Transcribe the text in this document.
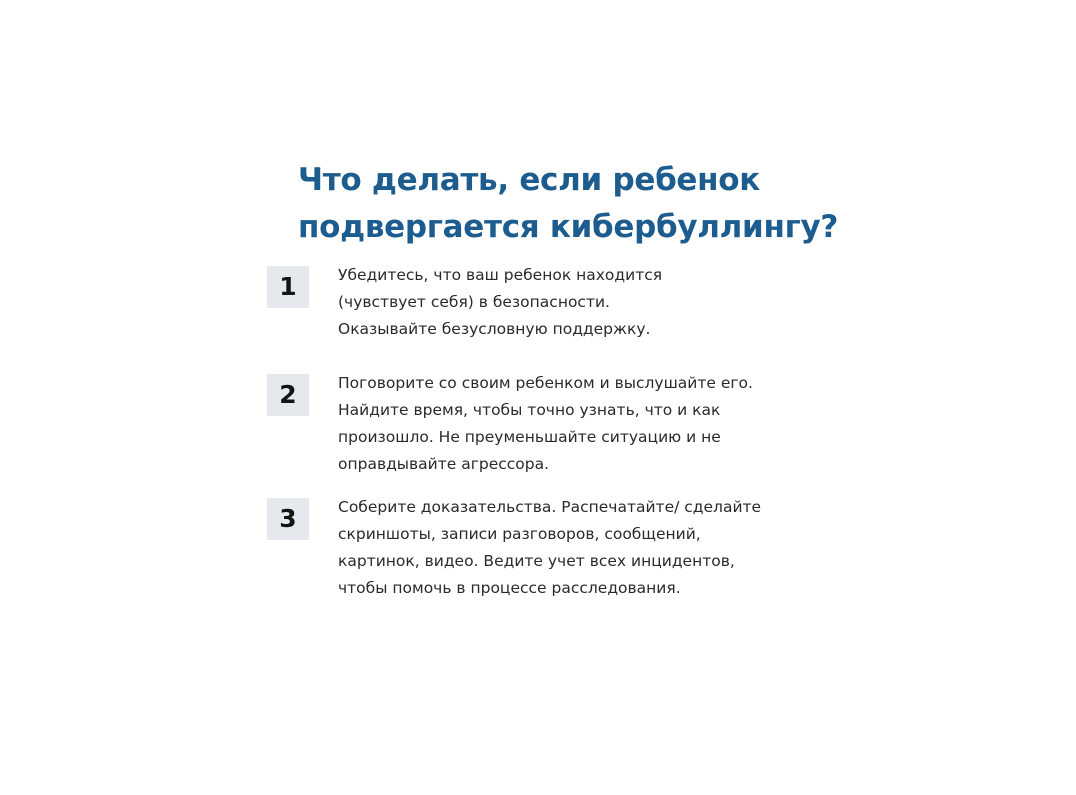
Что делать, если ребенок
подвергается кибербуллингу?
1	Убедитесь, что ваш ребенок находится
(чувствует себя) в безопасности.
Оказывайте безусловную поддержку.

2	Поговорите со своим ребенком и выслушайте его.
Найдите время, чтобы точно узнать, что и как
произошло. Не преуменьшайте ситуацию и не
оправдывайте агрессора.

3	Соберите доказательства. Распечатайте/ сделайте
скриншоты, записи разговоров, сообщений,
картинок, видео. Ведите учет всех инцидентов,
чтобы помочь в процессе расследования.
